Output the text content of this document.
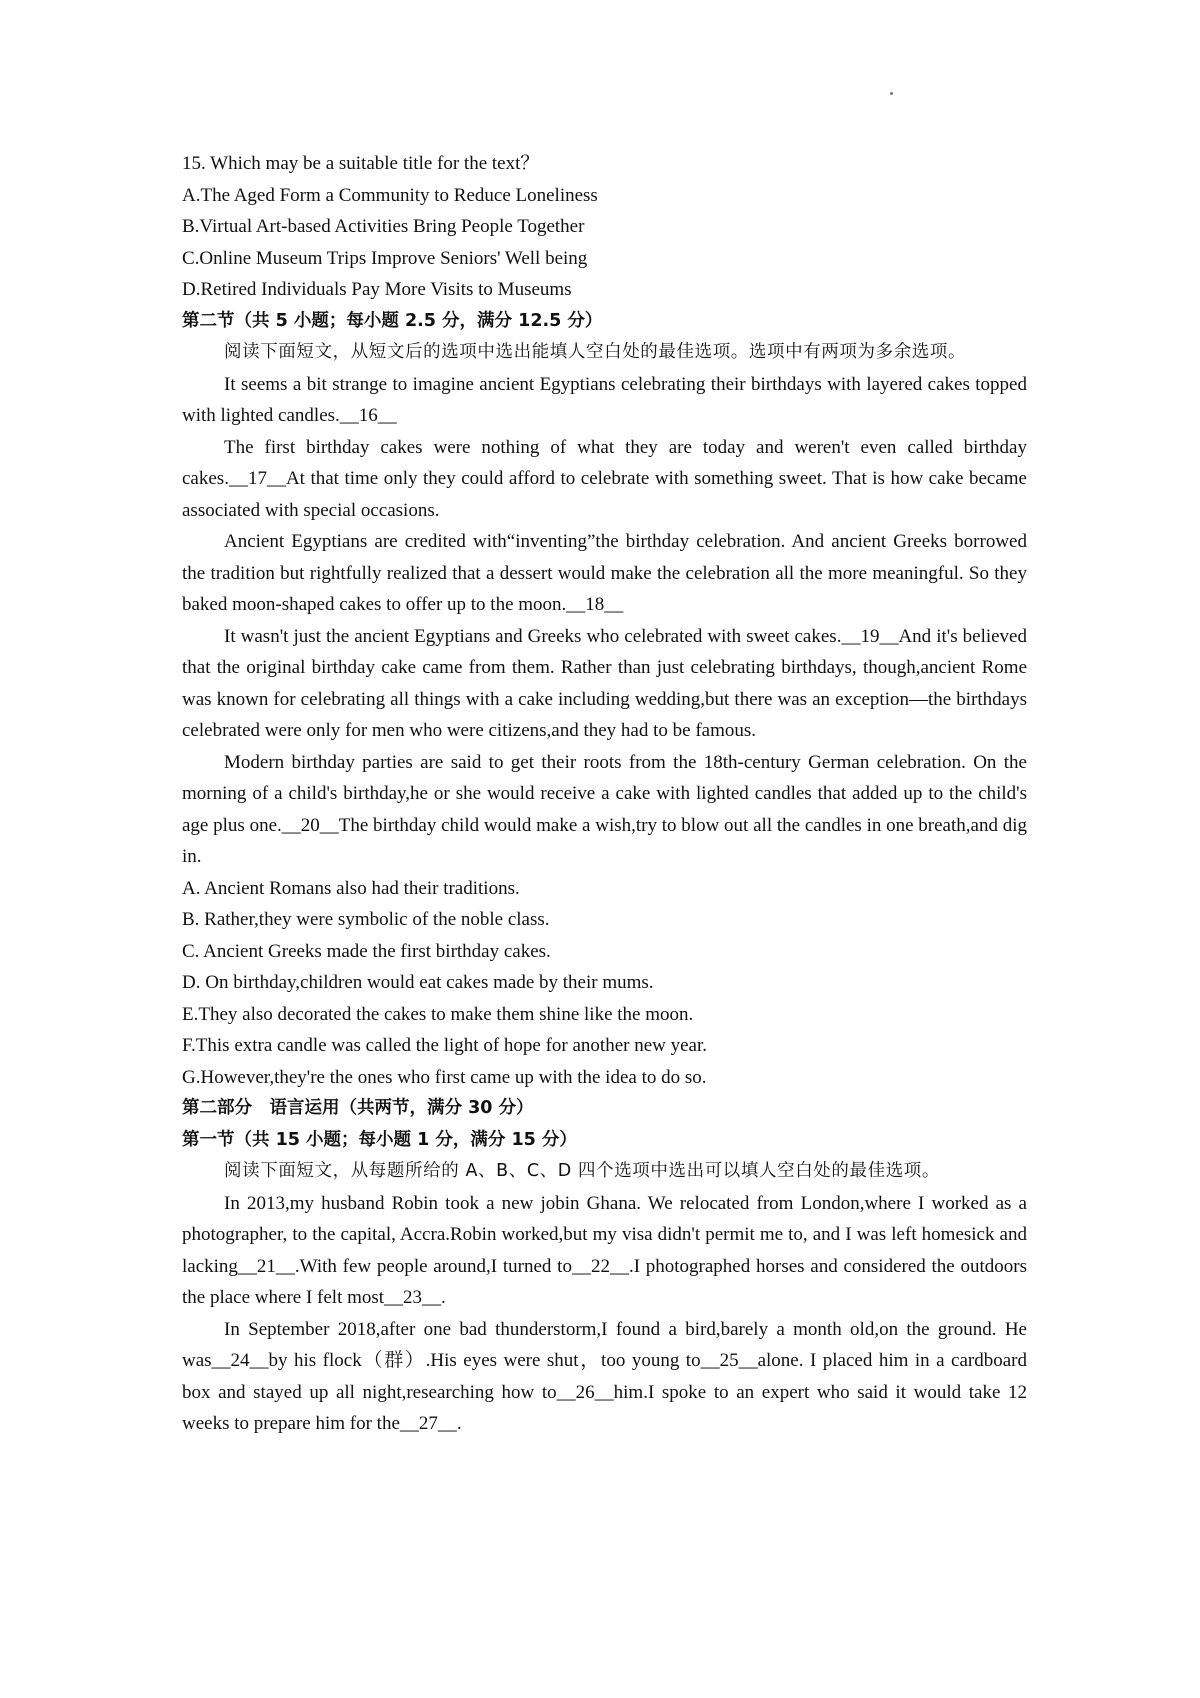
15. Which may be a suitable title for the text？

A.The Aged Form a Community to Reduce Loneliness

B.Virtual Art-based Activities Bring People Together

C.Online Museum Trips Improve Seniors' Well being

D.Retired Individuals Pay More Visits to Museums

第二节（共 5 小题；每小题 2.5 分，满分 12.5 分）

阅读下面短文，从短文后的选项中选出能填人空白处的最佳选项。选项中有两项为多余选项。

It seems a bit strange to imagine ancient Egyptians celebrating their birthdays with layered cakes topped with lighted candles.__16__

The first birthday cakes were nothing of what they are today and weren't even called birthday cakes.__17__At that time only they could afford to celebrate with something sweet. That is how cake became associated with special occasions.

Ancient Egyptians are credited with“inventing”the birthday celebration. And ancient Greeks borrowed the tradition but rightfully realized that a dessert would make the celebration all the more meaningful. So they baked moon-shaped cakes to offer up to the moon.__18__

It wasn't just the ancient Egyptians and Greeks who celebrated with sweet cakes.__19__And it's believed that the original birthday cake came from them. Rather than just celebrating birthdays, though,ancient Rome was known for celebrating all things with a cake including wedding,but there was an exception—the birthdays celebrated were only for men who were citizens,and they had to be famous.

Modern birthday parties are said to get their roots from the 18th-century German celebration. On the morning of a child's birthday,he or she would receive a cake with lighted candles that added up to the child's age plus one.__20__The birthday child would make a wish,try to blow out all the candles in one breath,and dig in.

A. Ancient Romans also had their traditions.

B. Rather,they were symbolic of the noble class.

C. Ancient Greeks made the first birthday cakes.

D. On birthday,children would eat cakes made by their mums.

E.They also decorated the cakes to make them shine like the moon.

F.This extra candle was called the light of hope for another new year.

G.However,they're the ones who first came up with the idea to do so.

第二部分　语言运用（共两节，满分 30 分）

第一节（共 15 小题；每小题 1 分，满分 15 分）

阅读下面短文，从每题所给的 A、B、C、D 四个选项中选出可以填人空白处的最佳选项。

In 2013,my husband Robin took a new jobin Ghana. We relocated from London,where I worked as a photographer, to the capital, Accra.Robin worked,but my visa didn't permit me to, and I was left homesick and lacking__21__.With few people around,I turned to__22__.I photographed horses and considered the outdoors the place where I felt most__23__.

In September 2018,after one bad thunderstorm,I found a bird,barely a month old,on the ground. He was__24__by his flock（群）.His eyes were shut，too young to__25__alone. I placed him in a cardboard box and stayed up all night,researching how to__26__him.I spoke to an expert who said it would take 12 weeks to prepare him for the__27__.
